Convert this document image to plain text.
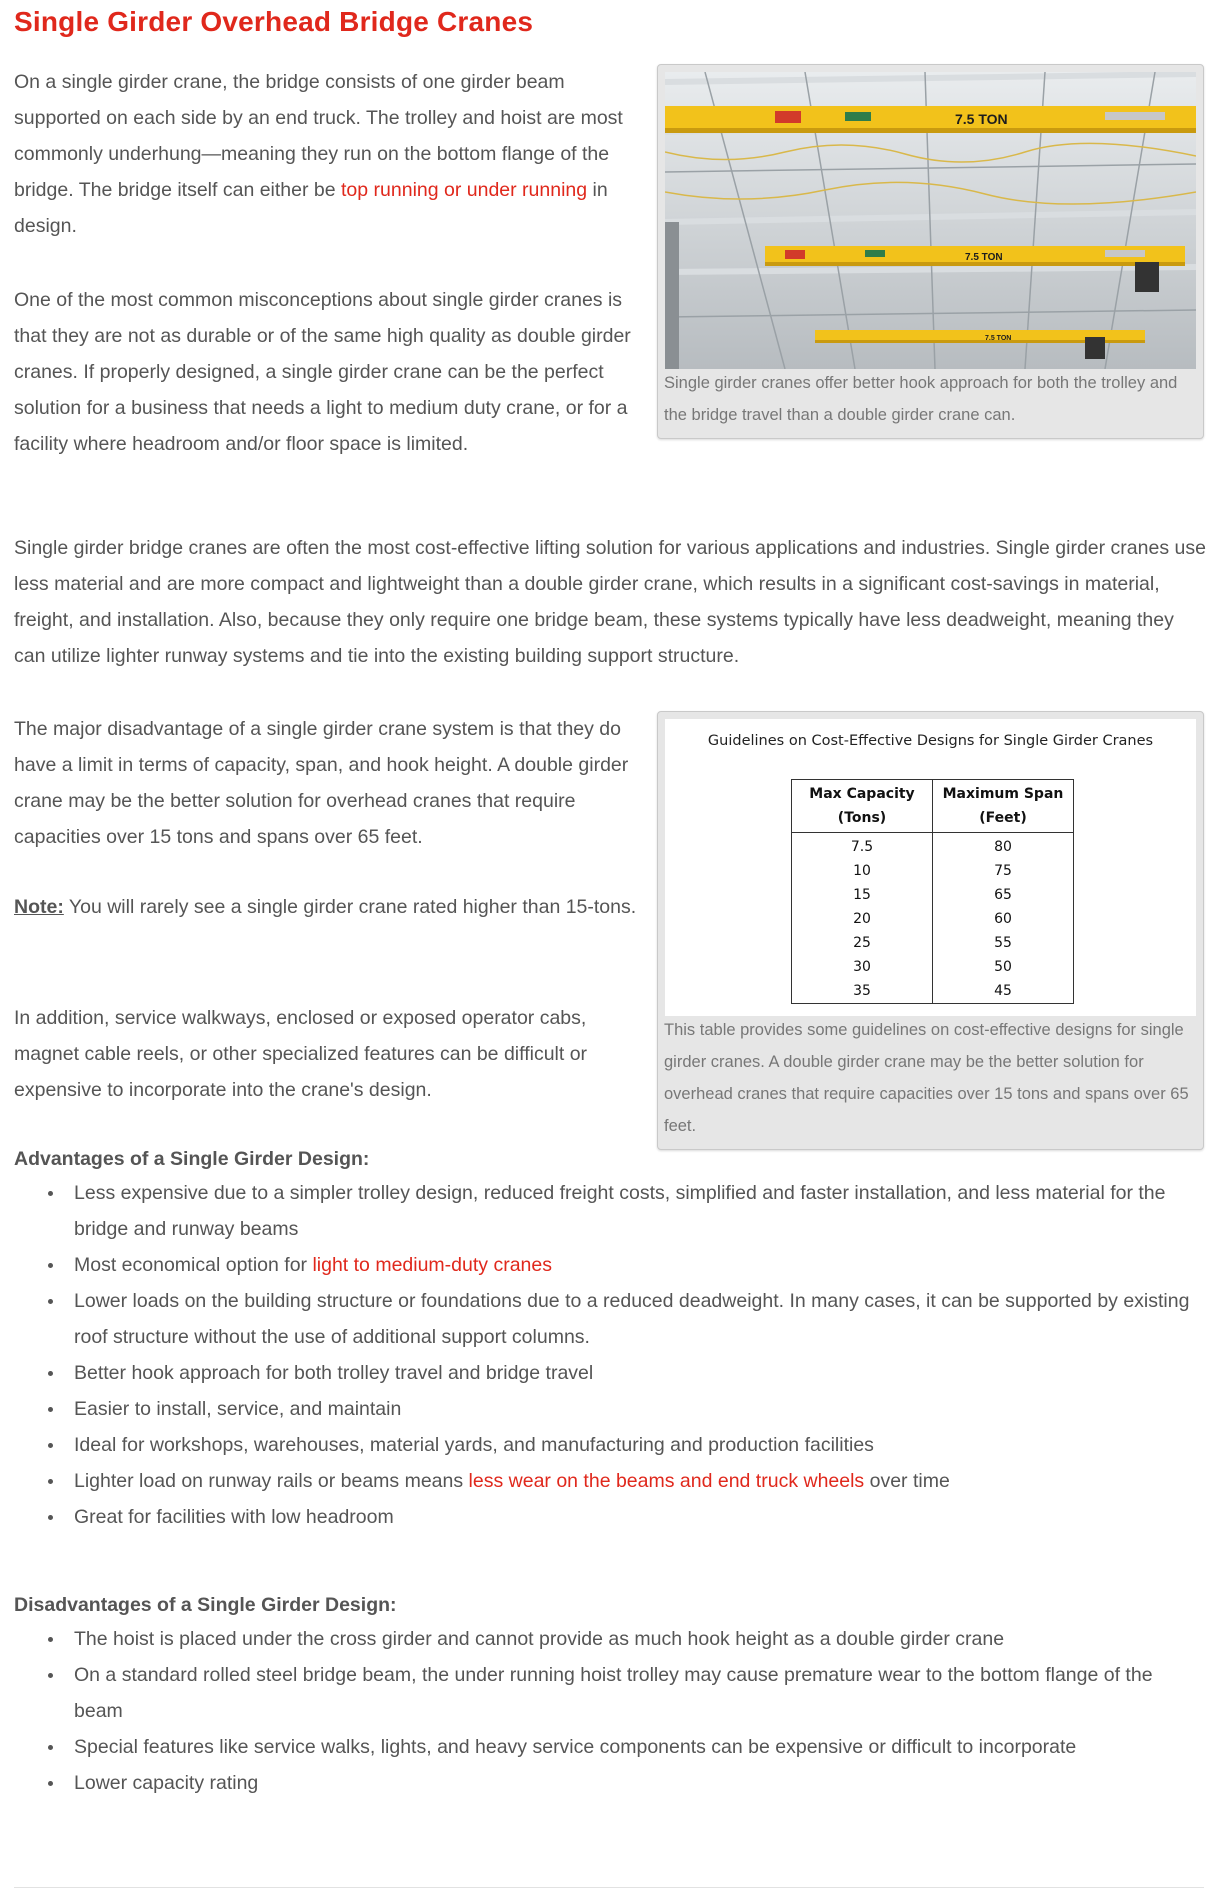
Single Girder Overhead Bridge Cranes

On a single girder crane, the bridge consists of one girder beam supported on each side by an end truck. The trolley and hoist are most commonly underhung—meaning they run on the bottom flange of the bridge. The bridge itself can either be top running or under running in design.

One of the most common misconceptions about single girder cranes is that they are not as durable or of the same high quality as double girder cranes. If properly designed, a single girder crane can be the perfect solution for a business that needs a light to medium duty crane, or for a facility where headroom and/or floor space is limited.

7.5 TON
7.5 TON
7.5 TON

Single girder cranes offer better hook approach for both the trolley and the bridge travel than a double girder crane can.

Single girder bridge cranes are often the most cost-effective lifting solution for various applications and industries. Single girder cranes use less material and are more compact and lightweight than a double girder crane, which results in a significant cost-savings in material, freight, and installation. Also, because they only require one bridge beam, these systems typically have less deadweight, meaning they can utilize lighter runway systems and tie into the existing building support structure.

The major disadvantage of a single girder crane system is that they do have a limit in terms of capacity, span, and hook height. A double girder crane may be the better solution for overhead cranes that require capacities over 15 tons and spans over 65 feet.

Note: You will rarely see a single girder crane rated higher than 15-tons.

In addition, service walkways, enclosed or exposed operator cabs, magnet cable reels, or other specialized features can be difficult or expensive to incorporate into the crane's design.

Guidelines on Cost-Effective Designs for Single Girder Cranes
Max Capacity
(Tons)	Maximum Span
(Feet)
7.5	80
10	75
15	65
20	60
25	55
30	50
35	45

This table provides some guidelines on cost-effective designs for single girder cranes. A double girder crane may be the better solution for overhead cranes that require capacities over 15 tons and spans over 65 feet.

Advantages of a Single Girder Design:

Less expensive due to a simpler trolley design, reduced freight costs, simplified and faster installation, and less material for the bridge and runway beams
Most economical option for light to medium-duty cranes
Lower loads on the building structure or foundations due to a reduced deadweight. In many cases, it can be supported by existing roof structure without the use of additional support columns.
Better hook approach for both trolley travel and bridge travel
Easier to install, service, and maintain
Ideal for workshops, warehouses, material yards, and manufacturing and production facilities
Lighter load on runway rails or beams means less wear on the beams and end truck wheels over time
Great for facilities with low headroom

Disadvantages of a Single Girder Design:

The hoist is placed under the cross girder and cannot provide as much hook height as a double girder crane
On a standard rolled steel bridge beam, the under running hoist trolley may cause premature wear to the bottom flange of the beam
Special features like service walks, lights, and heavy service components can be expensive or difficult to incorporate
Lower capacity rating
